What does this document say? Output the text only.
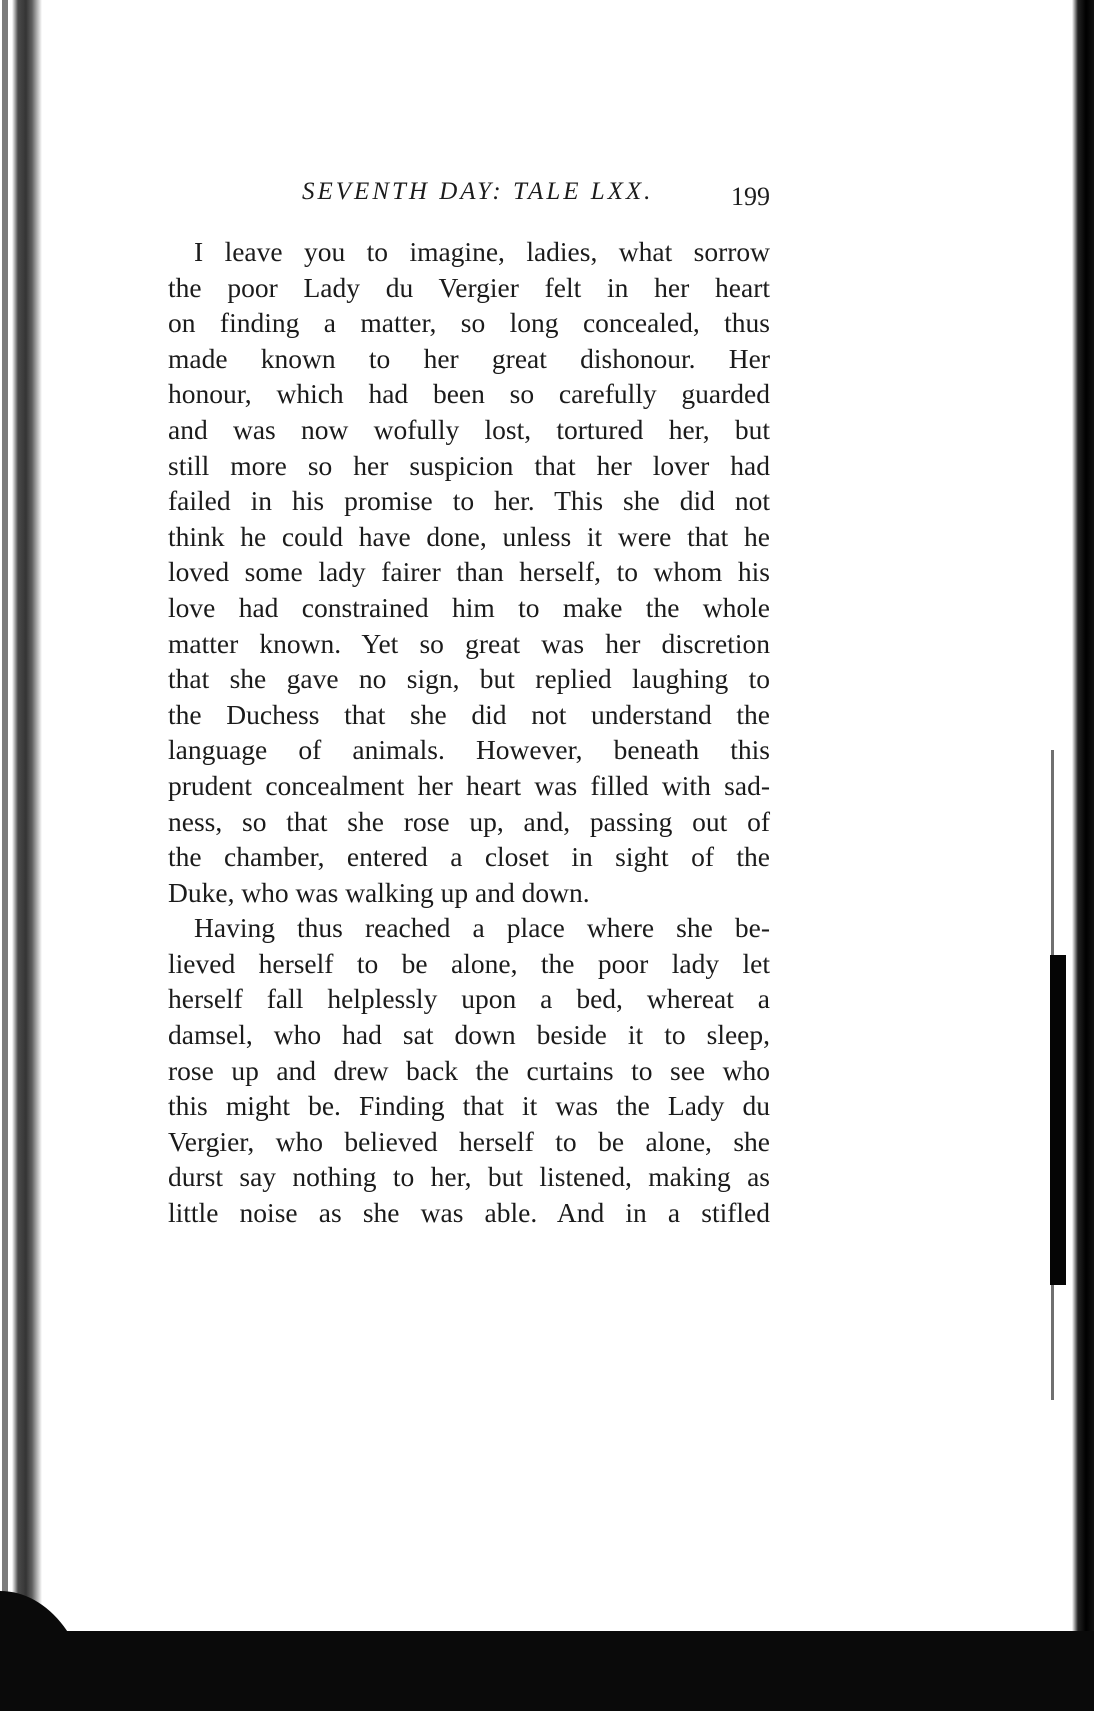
SEVENTH DAY: TALE LXX.	199
I leave you to imagine, ladies, what sorrow
the poor Lady du Vergier felt in her heart
on finding a matter, so long concealed, thus
made known to her great dishonour. Her
honour, which had been so carefully guarded
and was now wofully lost, tortured her, but
still more so her suspicion that her lover had
failed in his promise to her. This she did not
think he could have done, unless it were that he
loved some lady fairer than herself, to whom his
love had constrained him to make the whole
matter known. Yet so great was her discretion
that she gave no sign, but replied laughing to
the Duchess that she did not understand the
language of animals. However, beneath this
prudent concealment her heart was filled with sad-
ness, so that she rose up, and, passing out of
the chamber, entered a closet in sight of the
Duke, who was walking up and down.
Having thus reached a place where she be-
lieved herself to be alone, the poor lady let
herself fall helplessly upon a bed, whereat a
damsel, who had sat down beside it to sleep,
rose up and drew back the curtains to see who
this might be. Finding that it was the Lady du
Vergier, who believed herself to be alone, she
durst say nothing to her, but listened, making as
little noise as she was able. And in a stifled
